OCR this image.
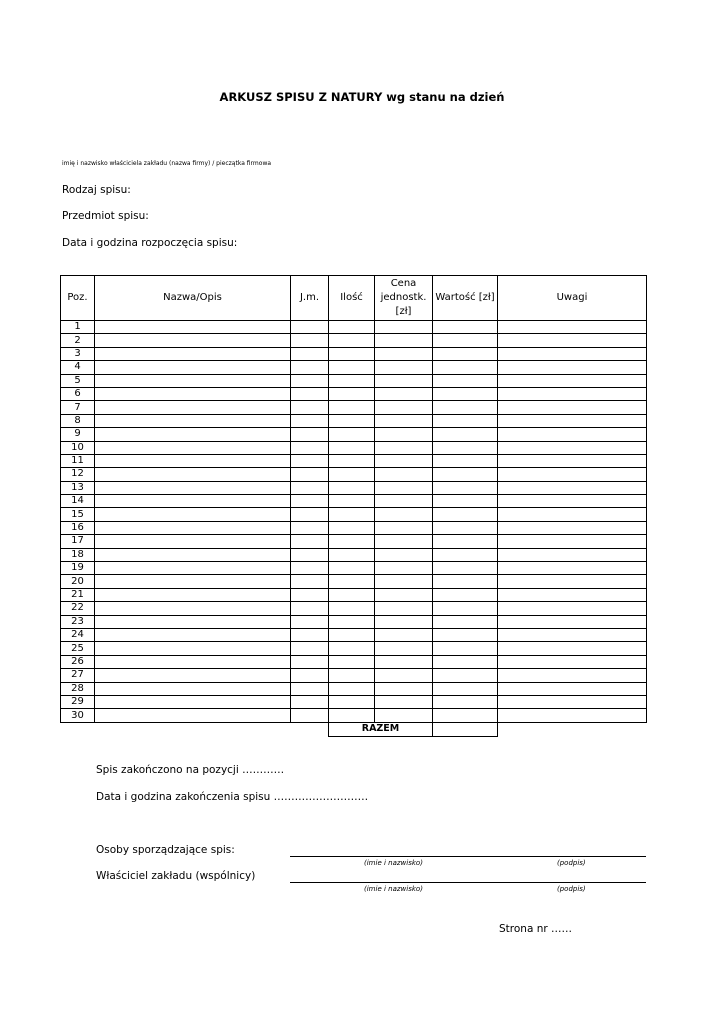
ARKUSZ SPISU Z NATURY wg stanu na dzień
imię i nazwisko właściciela zakładu (nazwa firmy) / pieczątka firmowa
Rodzaj spisu:
Przedmiot spisu:
Data i godzina rozpoczęcia spisu:
Poz.	Nazwa/Opis	J.m.	Ilość	Cena
jednostk.
[zł]	Wartość [zł]	Uwagi
1						
2						
3						
4						
5						
6						
7						
8						
9						
10						
11						
12						
13						
14						
15						
16						
17						
18						
19						
20						
21						
22						
23						
24						
25						
26						
27						
28						
29						
30						
			RAZEM			
Spis zakończono na pozycji …………
Data i godzina zakończenia spisu ………………………
Osoby sporządzające spis:
Właściciel zakładu (wspólnicy)
(imie i nazwisko)	(podpis)
(imie i nazwisko)	(podpis)
Strona nr ……
